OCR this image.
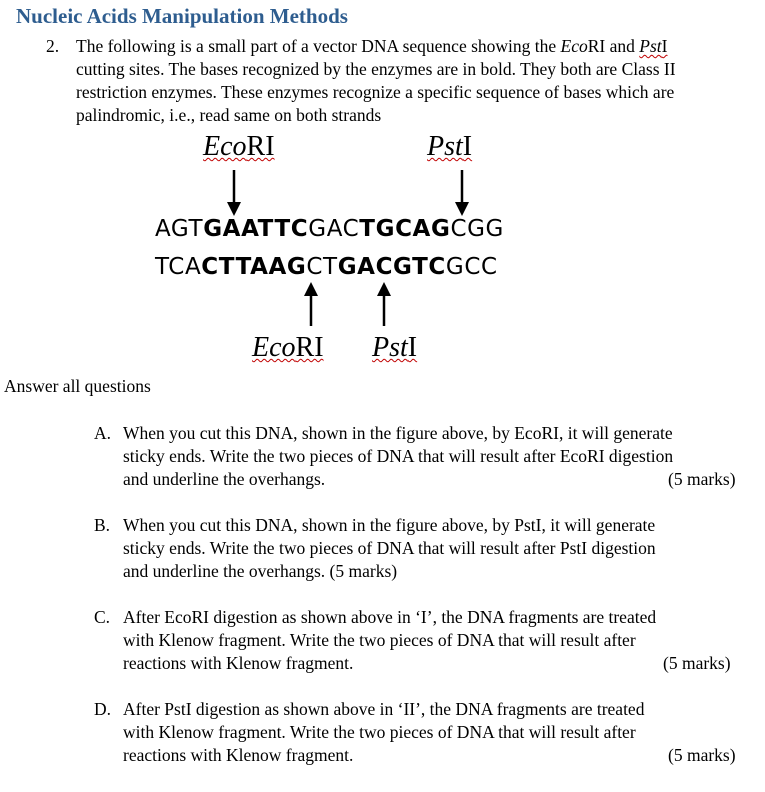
Nucleic Acids Manipulation Methods
2. The following is a small part of a vector DNA sequence showing the EcoRI and PstI
cutting sites. The bases recognized by the enzymes are in bold. They both are Class II
restriction enzymes. These enzymes recognize a specific sequence of bases which are
palindromic, i.e., read same on both strands
EcoRI	PstI
AGTGAATTCGACTGCAGCGG
TCACTTAAGCTGACGTCGCC
EcoRI PstI
Answer all questions
A. When you cut this DNA, shown in the figure above, by EcoRI, it will generate
sticky ends. Write the two pieces of DNA that will result after EcoRI digestion
and underline the overhangs.	(5 marks)
B. When you cut this DNA, shown in the figure above, by PstI, it will generate
sticky ends. Write the two pieces of DNA that will result after PstI digestion
and underline the overhangs. (5 marks)
C. After EcoRI digestion as shown above in ‘I’, the DNA fragments are treated
with Klenow fragment. Write the two pieces of DNA that will result after
reactions with Klenow fragment.	(5 marks)
D. After PstI digestion as shown above in ‘II’, the DNA fragments are treated
with Klenow fragment. Write the two pieces of DNA that will result after
reactions with Klenow fragment.	(5 marks)
